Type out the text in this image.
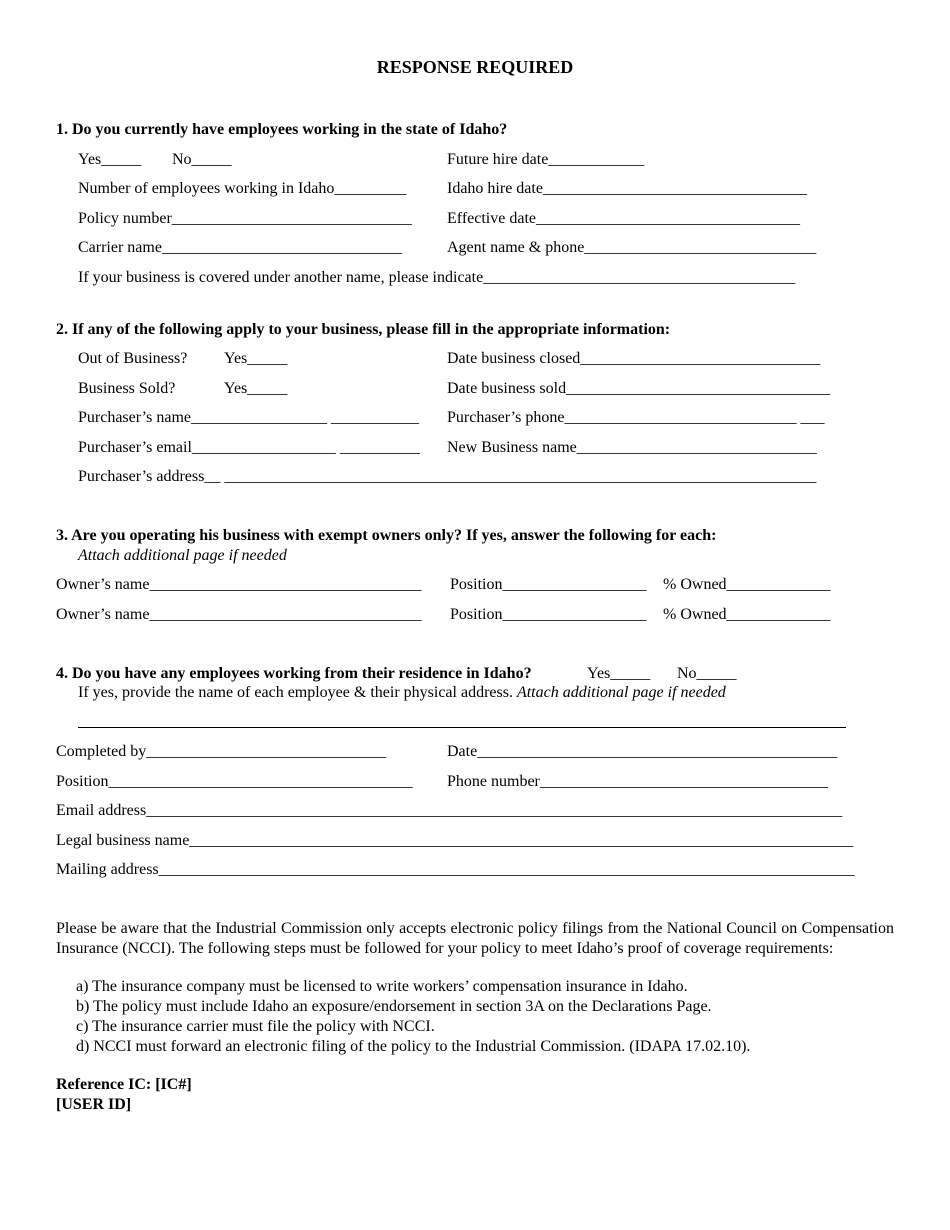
RESPONSE REQUIRED
1. Do you currently have employees working in the state of Idaho?
Yes_____ No_____	Future hire date____________
Number of employees working in Idaho_________	Idaho hire date_________________________________
Policy number______________________________ Effective date_________________________________
Carrier name______________________________	Agent name & phone_____________________________
If your business is covered under another name, please indicate_______________________________________
2. If any of the following apply to your business, please fill in the appropriate information:
Out of Business? Yes_____	Date business closed______________________________
Business Sold?	Yes_____	Date business sold_________________________________
Purchaser’s name_________________ ___________ Purchaser’s phone_____________________________ ___
Purchaser’s email__________________ __________ New Business name______________________________
Purchaser’s address__ __________________________________________________________________________
3. Are you operating his business with exempt owners only? If yes, answer the following for each:
Attach additional page if needed
Owner’s name__________________________________ Position__________________ % Owned_____________
Owner’s name__________________________________ Position__________________ % Owned_____________
4. Do you have any employees working from their residence in Idaho?	Yes_____ No_____
If yes, provide the name of each employee & their physical address. Attach additional page if needed
Completed by______________________________	Date_____________________________________________
Position______________________________________ Phone number____________________________________
Email address_______________________________________________________________________________________
Legal business name___________________________________________________________________________________
Mailing address_______________________________________________________________________________________
Please be aware that the Industrial Commission only accepts electronic policy filings from the National Council on Compensation Insurance (NCCI). The following steps must be followed for your policy to meet Idaho’s proof of coverage requirements:
a) The insurance company must be licensed to write workers’ compensation insurance in Idaho.
b) The policy must include Idaho an exposure/endorsement in section 3A on the Declarations Page.
c) The insurance carrier must file the policy with NCCI.
d) NCCI must forward an electronic filing of the policy to the Industrial Commission. (IDAPA 17.02.10).
Reference IC: [IC#]
[USER ID]
